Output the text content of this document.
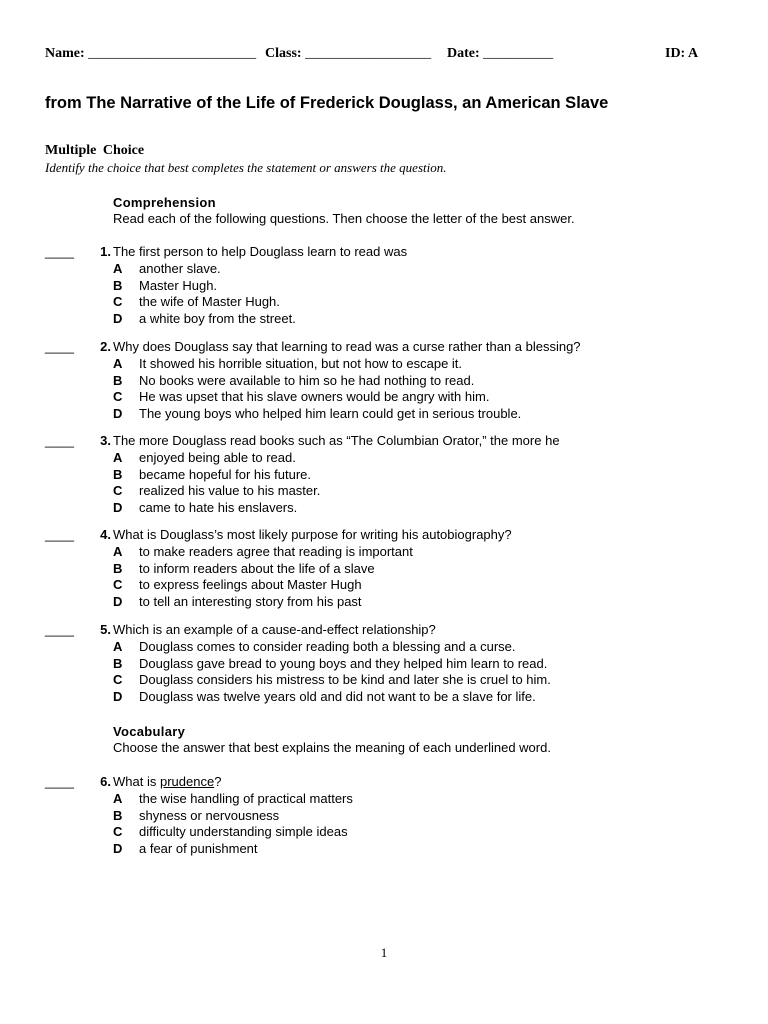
Name: ________________________ Class: __________________ Date: __________	ID: A
from The Narrative of the Life of Frederick Douglass, an American Slave
Multiple Choice
Identify the choice that best completes the statement or answers the question.
Comprehension
Read each of the following questions. Then choose the letter of the best answer.
____	1. The first person to help Douglass learn to read was
A another slave.
B Master Hugh.
C the wife of Master Hugh.
D a white boy from the street.
____	2. Why does Douglass say that learning to read was a curse rather than a blessing?
A It showed his horrible situation, but not how to escape it.
B No books were available to him so he had nothing to read.
C He was upset that his slave owners would be angry with him.
D The young boys who helped him learn could get in serious trouble.
____	3. The more Douglass read books such as “The Columbian Orator,” the more he
A enjoyed being able to read.
B became hopeful for his future.
C realized his value to his master.
D came to hate his enslavers.
____	4. What is Douglass’s most likely purpose for writing his autobiography?
A to make readers agree that reading is important
B to inform readers about the life of a slave
C to express feelings about Master Hugh
D to tell an interesting story from his past
____	5. Which is an example of a cause-and-effect relationship?
A Douglass comes to consider reading both a blessing and a curse.
B Douglass gave bread to young boys and they helped him learn to read.
C Douglass considers his mistress to be kind and later she is cruel to him.
D Douglass was twelve years old and did not want to be a slave for life.
Vocabulary
Choose the answer that best explains the meaning of each underlined word.
____	6. What is prudence?
A the wise handling of practical matters
B shyness or nervousness
C difficulty understanding simple ideas
D a fear of punishment
1
